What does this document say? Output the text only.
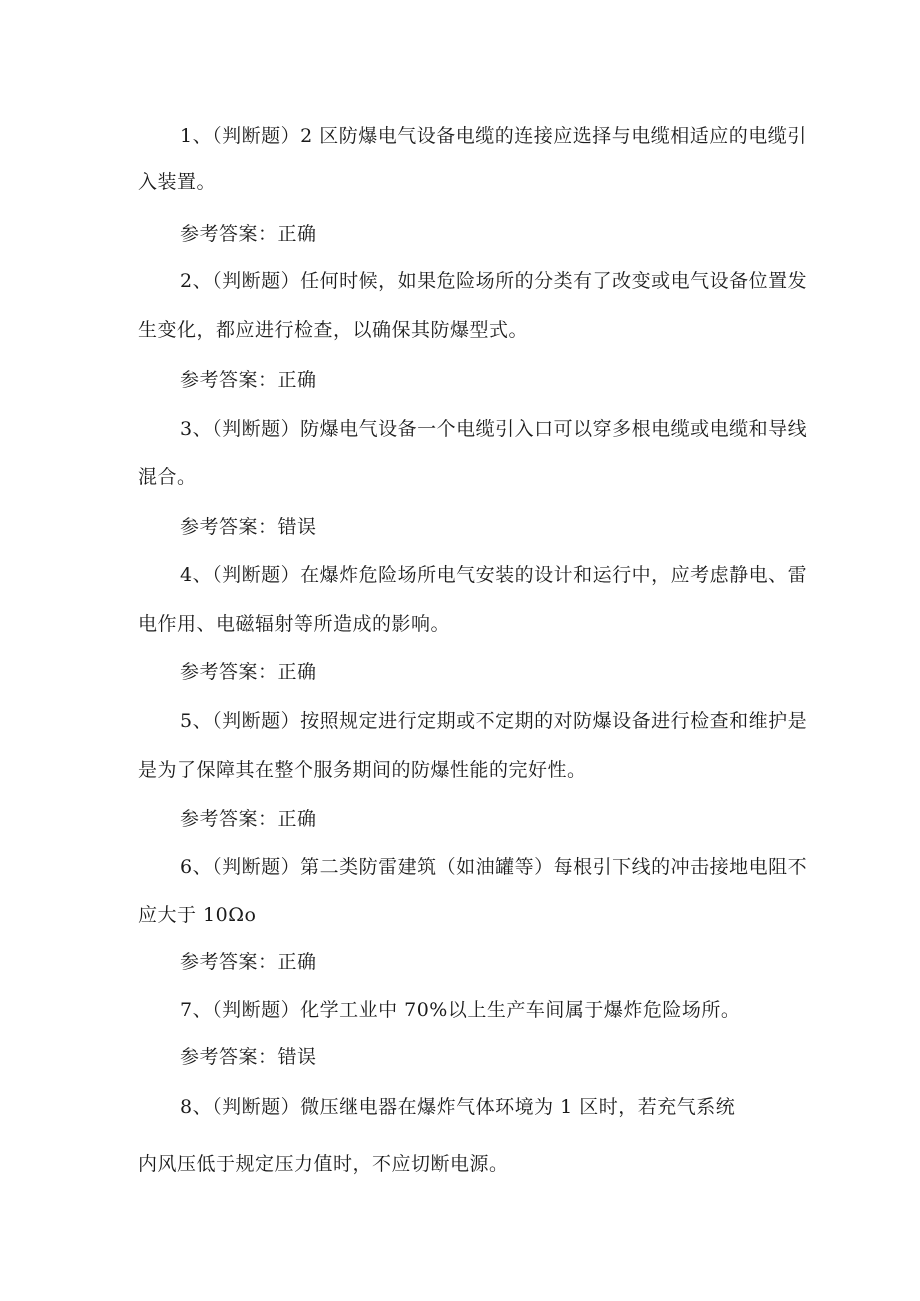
1、（判断题）2 区防爆电气设备电缆的连接应选择与电缆相适应的电缆引
入装置。
参考答案：正确
2、（判断题）任何时候，如果危险场所的分类有了改变或电气设备位置发
生变化，都应进行检查，以确保其防爆型式。
参考答案：正确
3、（判断题）防爆电气设备一个电缆引入口可以穿多根电缆或电缆和导线
混合。
参考答案：错误
4、（判断题）在爆炸危险场所电气安装的设计和运行中，应考虑静电、雷
电作用、电磁辐射等所造成的影响。
参考答案：正确
5、（判断题）按照规定进行定期或不定期的对防爆设备进行检查和维护是
是为了保障其在整个服务期间的防爆性能的完好性。
参考答案：正确
6、（判断题）第二类防雷建筑（如油罐等）每根引下线的冲击接地电阻不
应大于 10Ωo
参考答案：正确
7、（判断题）化学工业中 70%以上生产车间属于爆炸危险场所。
参考答案：错误
8、（判断题）微压继电器在爆炸气体环境为 1 区时，若充气系统
内风压低于规定压力值时，不应切断电源。
